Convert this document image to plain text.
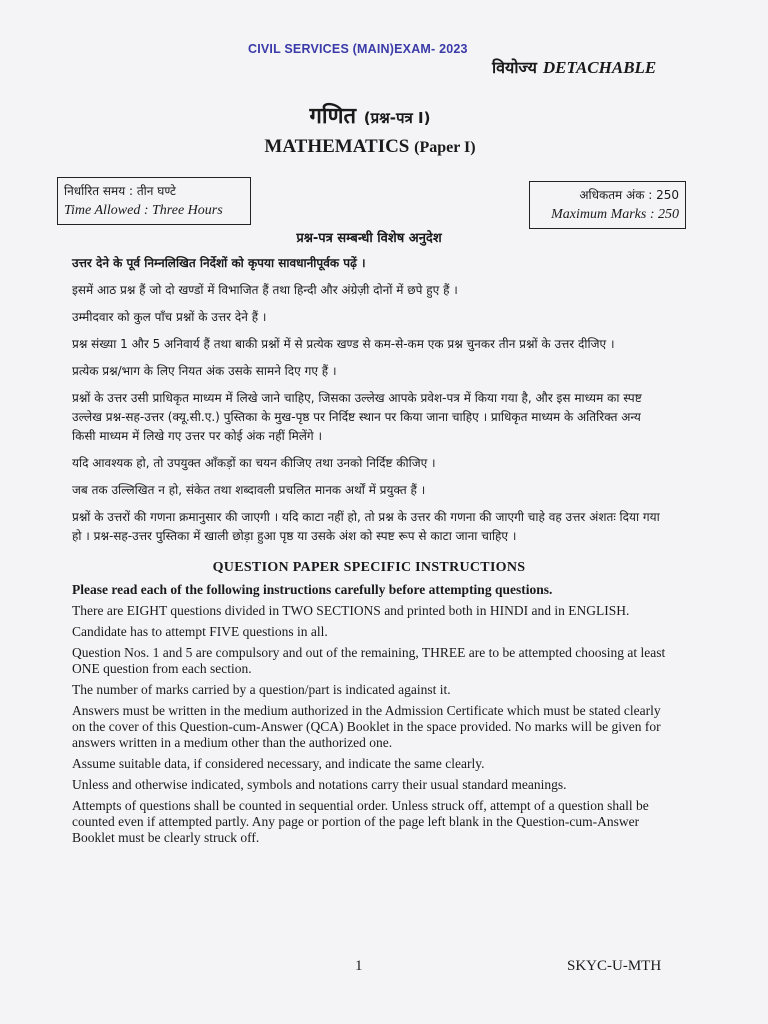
CIVIL SERVICES (MAIN)EXAM- 2023
वियोज्य DETACHABLE
गणित (प्रश्न-पत्र I)
MATHEMATICS (Paper I)
निर्धारित समय : तीन घण्टे
Time Allowed : Three Hours
अधिकतम अंक : 250
Maximum Marks : 250
प्रश्न-पत्र सम्बन्धी विशेष अनुदेश

उत्तर देने के पूर्व निम्नलिखित निर्देशों को कृपया सावधानीपूर्वक पढ़ें ।

इसमें आठ प्रश्न हैं जो दो खण्डों में विभाजित हैं तथा हिन्दी और अंग्रेज़ी दोनों में छपे हुए हैं ।

उम्मीदवार को कुल पाँच प्रश्नों के उत्तर देने हैं ।

प्रश्न संख्या 1 और 5 अनिवार्य हैं तथा बाकी प्रश्नों में से प्रत्येक खण्ड से कम-से-कम एक प्रश्न चुनकर तीन प्रश्नों के उत्तर दीजिए ।

प्रत्येक प्रश्न/भाग के लिए नियत अंक उसके सामने दिए गए हैं ।

प्रश्नों के उत्तर उसी प्राधिकृत माध्यम में लिखे जाने चाहिए, जिसका उल्लेख आपके प्रवेश-पत्र में किया गया है, और इस माध्यम का स्पष्ट उल्लेख प्रश्न-सह-उत्तर (क्यू.सी.ए.) पुस्तिका के मुख-पृष्ठ पर निर्दिष्ट स्थान पर किया जाना चाहिए । प्राधिकृत माध्यम के अतिरिक्त अन्य किसी माध्यम में लिखे गए उत्तर पर कोई अंक नहीं मिलेंगे ।

यदि आवश्यक हो, तो उपयुक्त आँकड़ों का चयन कीजिए तथा उनको निर्दिष्ट कीजिए ।

जब तक उल्लिखित न हो, संकेत तथा शब्दावली प्रचलित मानक अर्थों में प्रयुक्त हैं ।

प्रश्नों के उत्तरों की गणना क्रमानुसार की जाएगी । यदि काटा नहीं हो, तो प्रश्न के उत्तर की गणना की जाएगी चाहे वह उत्तर अंशतः दिया गया हो । प्रश्न-सह-उत्तर पुस्तिका में खाली छोड़ा हुआ पृष्ठ या उसके अंश को स्पष्ट रूप से काटा जाना चाहिए ।

QUESTION PAPER SPECIFIC INSTRUCTIONS

Please read each of the following instructions carefully before attempting questions.

There are EIGHT questions divided in TWO SECTIONS and printed both in HINDI and in ENGLISH.

Candidate has to attempt FIVE questions in all.

Question Nos. 1 and 5 are compulsory and out of the remaining, THREE are to be attempted choosing at least ONE question from each section.

The number of marks carried by a question/part is indicated against it.

Answers must be written in the medium authorized in the Admission Certificate which must be stated clearly on the cover of this Question-cum-Answer (QCA) Booklet in the space provided. No marks will be given for answers written in a medium other than the authorized one.

Assume suitable data, if considered necessary, and indicate the same clearly.

Unless and otherwise indicated, symbols and notations carry their usual standard meanings.

Attempts of questions shall be counted in sequential order. Unless struck off, attempt of a question shall be counted even if attempted partly. Any page or portion of the page left blank in the Question-cum-Answer Booklet must be clearly struck off.

1	SKYC-U-MTH
